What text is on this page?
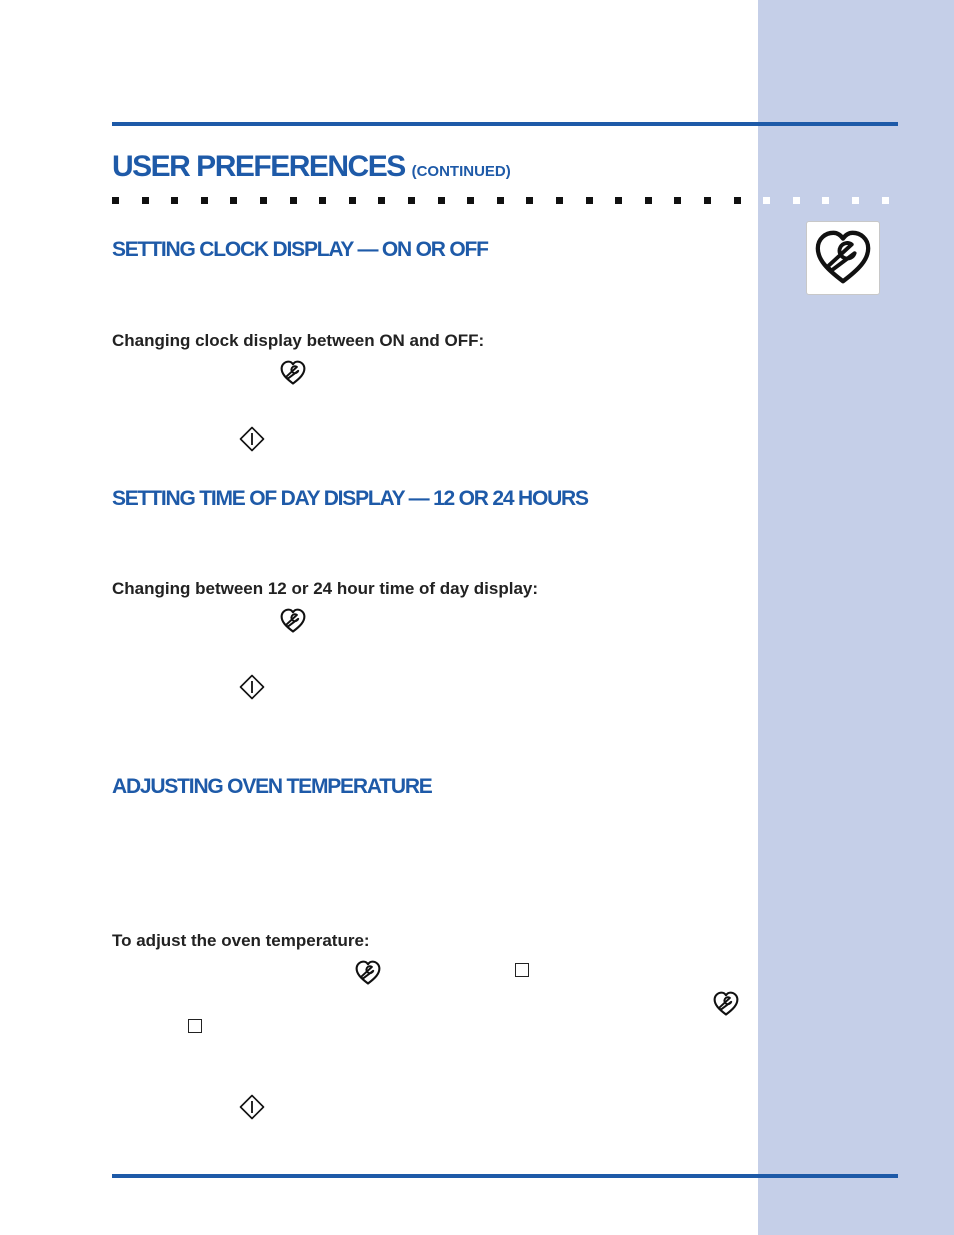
USER PREFERENCES (CONTINUED)
SETTING CLOCK DISPLAY — ON OR OFF

Changing clock display between ON and OFF:

SETTING TIME OF DAY DISPLAY — 12 OR 24 HOURS

Changing between 12 or 24 hour time of day display:

ADJUSTING OVEN TEMPERATURE

To adjust the oven temperature:
